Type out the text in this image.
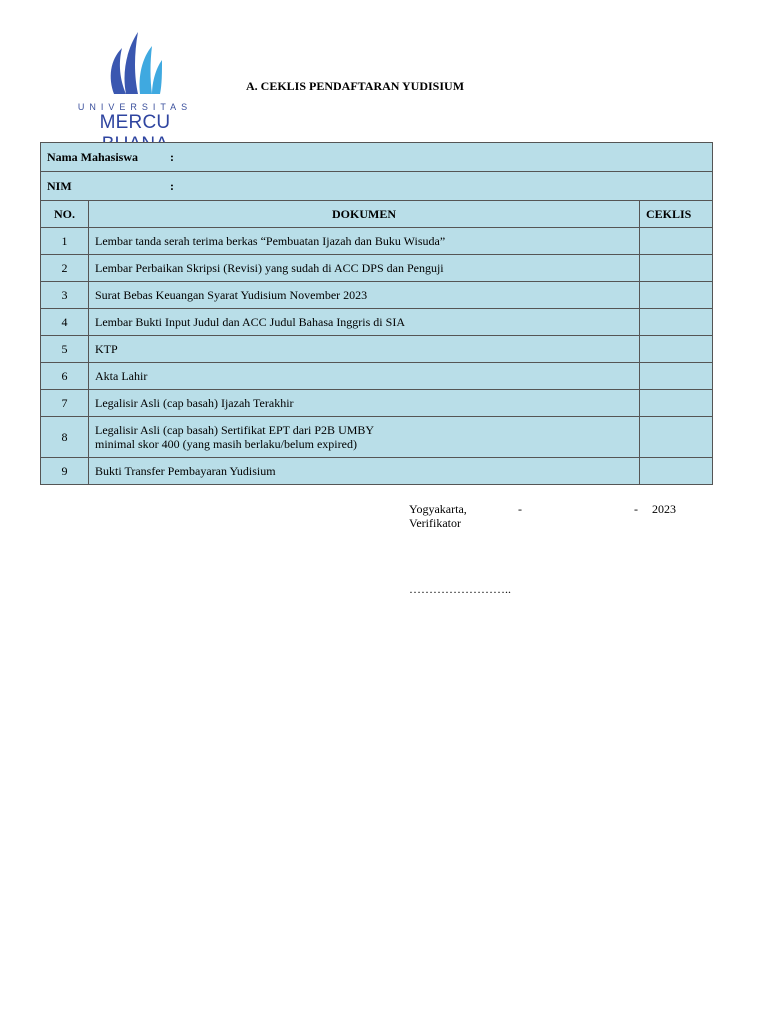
UNIVERSITAS
MERCU
A. CEKLIS PENDAFTARAN YUDISIUM
Nama Mahasiswa :		
NIM :		
NO.	DOKUMEN	CEKLIS
1	Lembar tanda serah terima berkas “Pembuatan Ijazah dan Buku Wisuda”	
2	Lembar Perbaikan Skripsi (Revisi) yang sudah di ACC DPS dan Penguji	
3	Surat Bebas Keuangan Syarat Yudisium November 2023	
4	Lembar Bukti Input Judul dan ACC Judul Bahasa Inggris di SIA	
5	KTP	
6	Akta Lahir	
7	Legalisir Asli (cap basah) Ijazah Terakhir	
8	Legalisir Asli (cap basah) Sertifikat EPT dari P2B UMBY
minimal skor 400 (yang masih berlaku/belum expired)	

9	Bukti Transfer Pembayaran Yudisium	
Yogyakarta,	-	- 2023
Verifikator
……………………..
